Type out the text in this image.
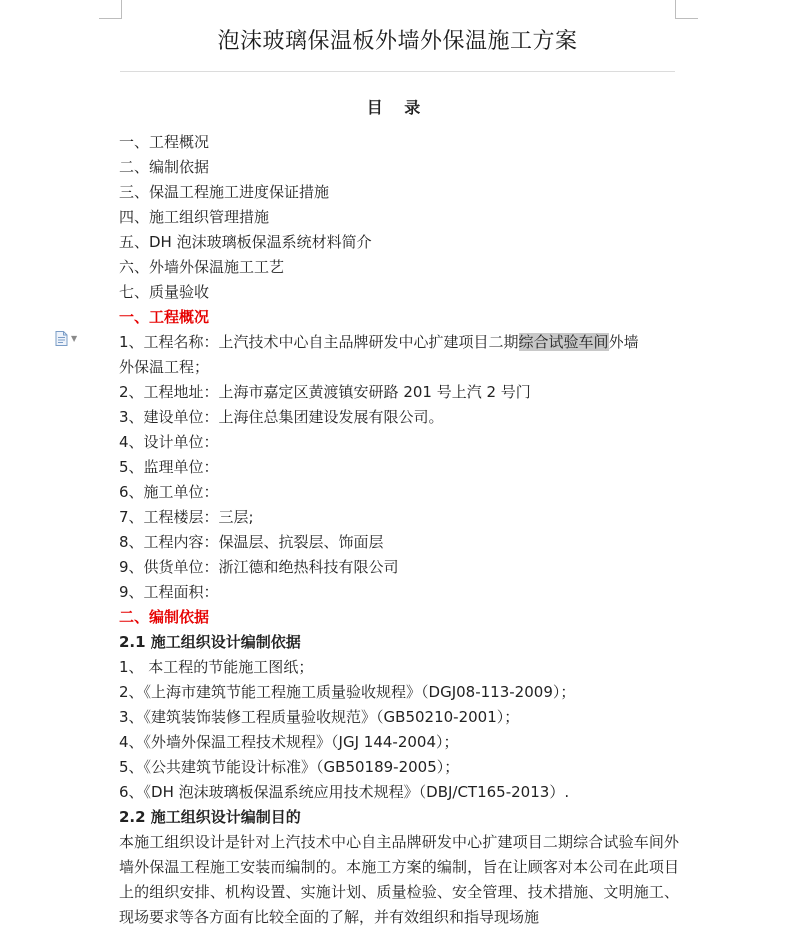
泡沫玻璃保温板外墙外保温施工方案
目 录
▼
一、工程概况
二、编制依据
三、保温工程施工进度保证措施
四、施工组织管理措施
五、DH 泡沫玻璃板保温系统材料简介
六、外墙外保温施工工艺
七、质量验收
一、工程概况
1、工程名称：上汽技术中心自主品牌研发中心扩建项目二期综合试验车间外墙
外保温工程；
2、工程地址：上海市嘉定区黄渡镇安研路 201 号上汽 2 号门
3、建设单位：上海住总集团建设发展有限公司。
4、设计单位：
5、监理单位：
6、施工单位：
7、工程楼层：三层;
8、工程内容：保温层、抗裂层、饰面层
9、供货单位：浙江德和绝热科技有限公司
9、工程面积：
二、编制依据
2.1 施工组织设计编制依据
1、 本工程的节能施工图纸；
2、《上海市建筑节能工程施工质量验收规程》（DGJ08-113-2009）；
3、《建筑装饰装修工程质量验收规范》（GB50210-2001）；
4、《外墙外保温工程技术规程》（JGJ 144-2004）；
5、《公共建筑节能设计标准》（GB50189-2005）；
6、《DH 泡沫玻璃板保温系统应用技术规程》（DBJ/CT165-2013）.
2.2 施工组织设计编制目的
本施工组织设计是针对上汽技术中心自主品牌研发中心扩建项目二期综合试验车间外墙外保温工程施工安装而编制的。本施工方案的编制，旨在让顾客对本公司在此项目上的组织安排、机构设置、实施计划、质量检验、安全管理、技术措施、文明施工、现场要求等各方面有比较全面的了解，并有效组织和指导现场施
